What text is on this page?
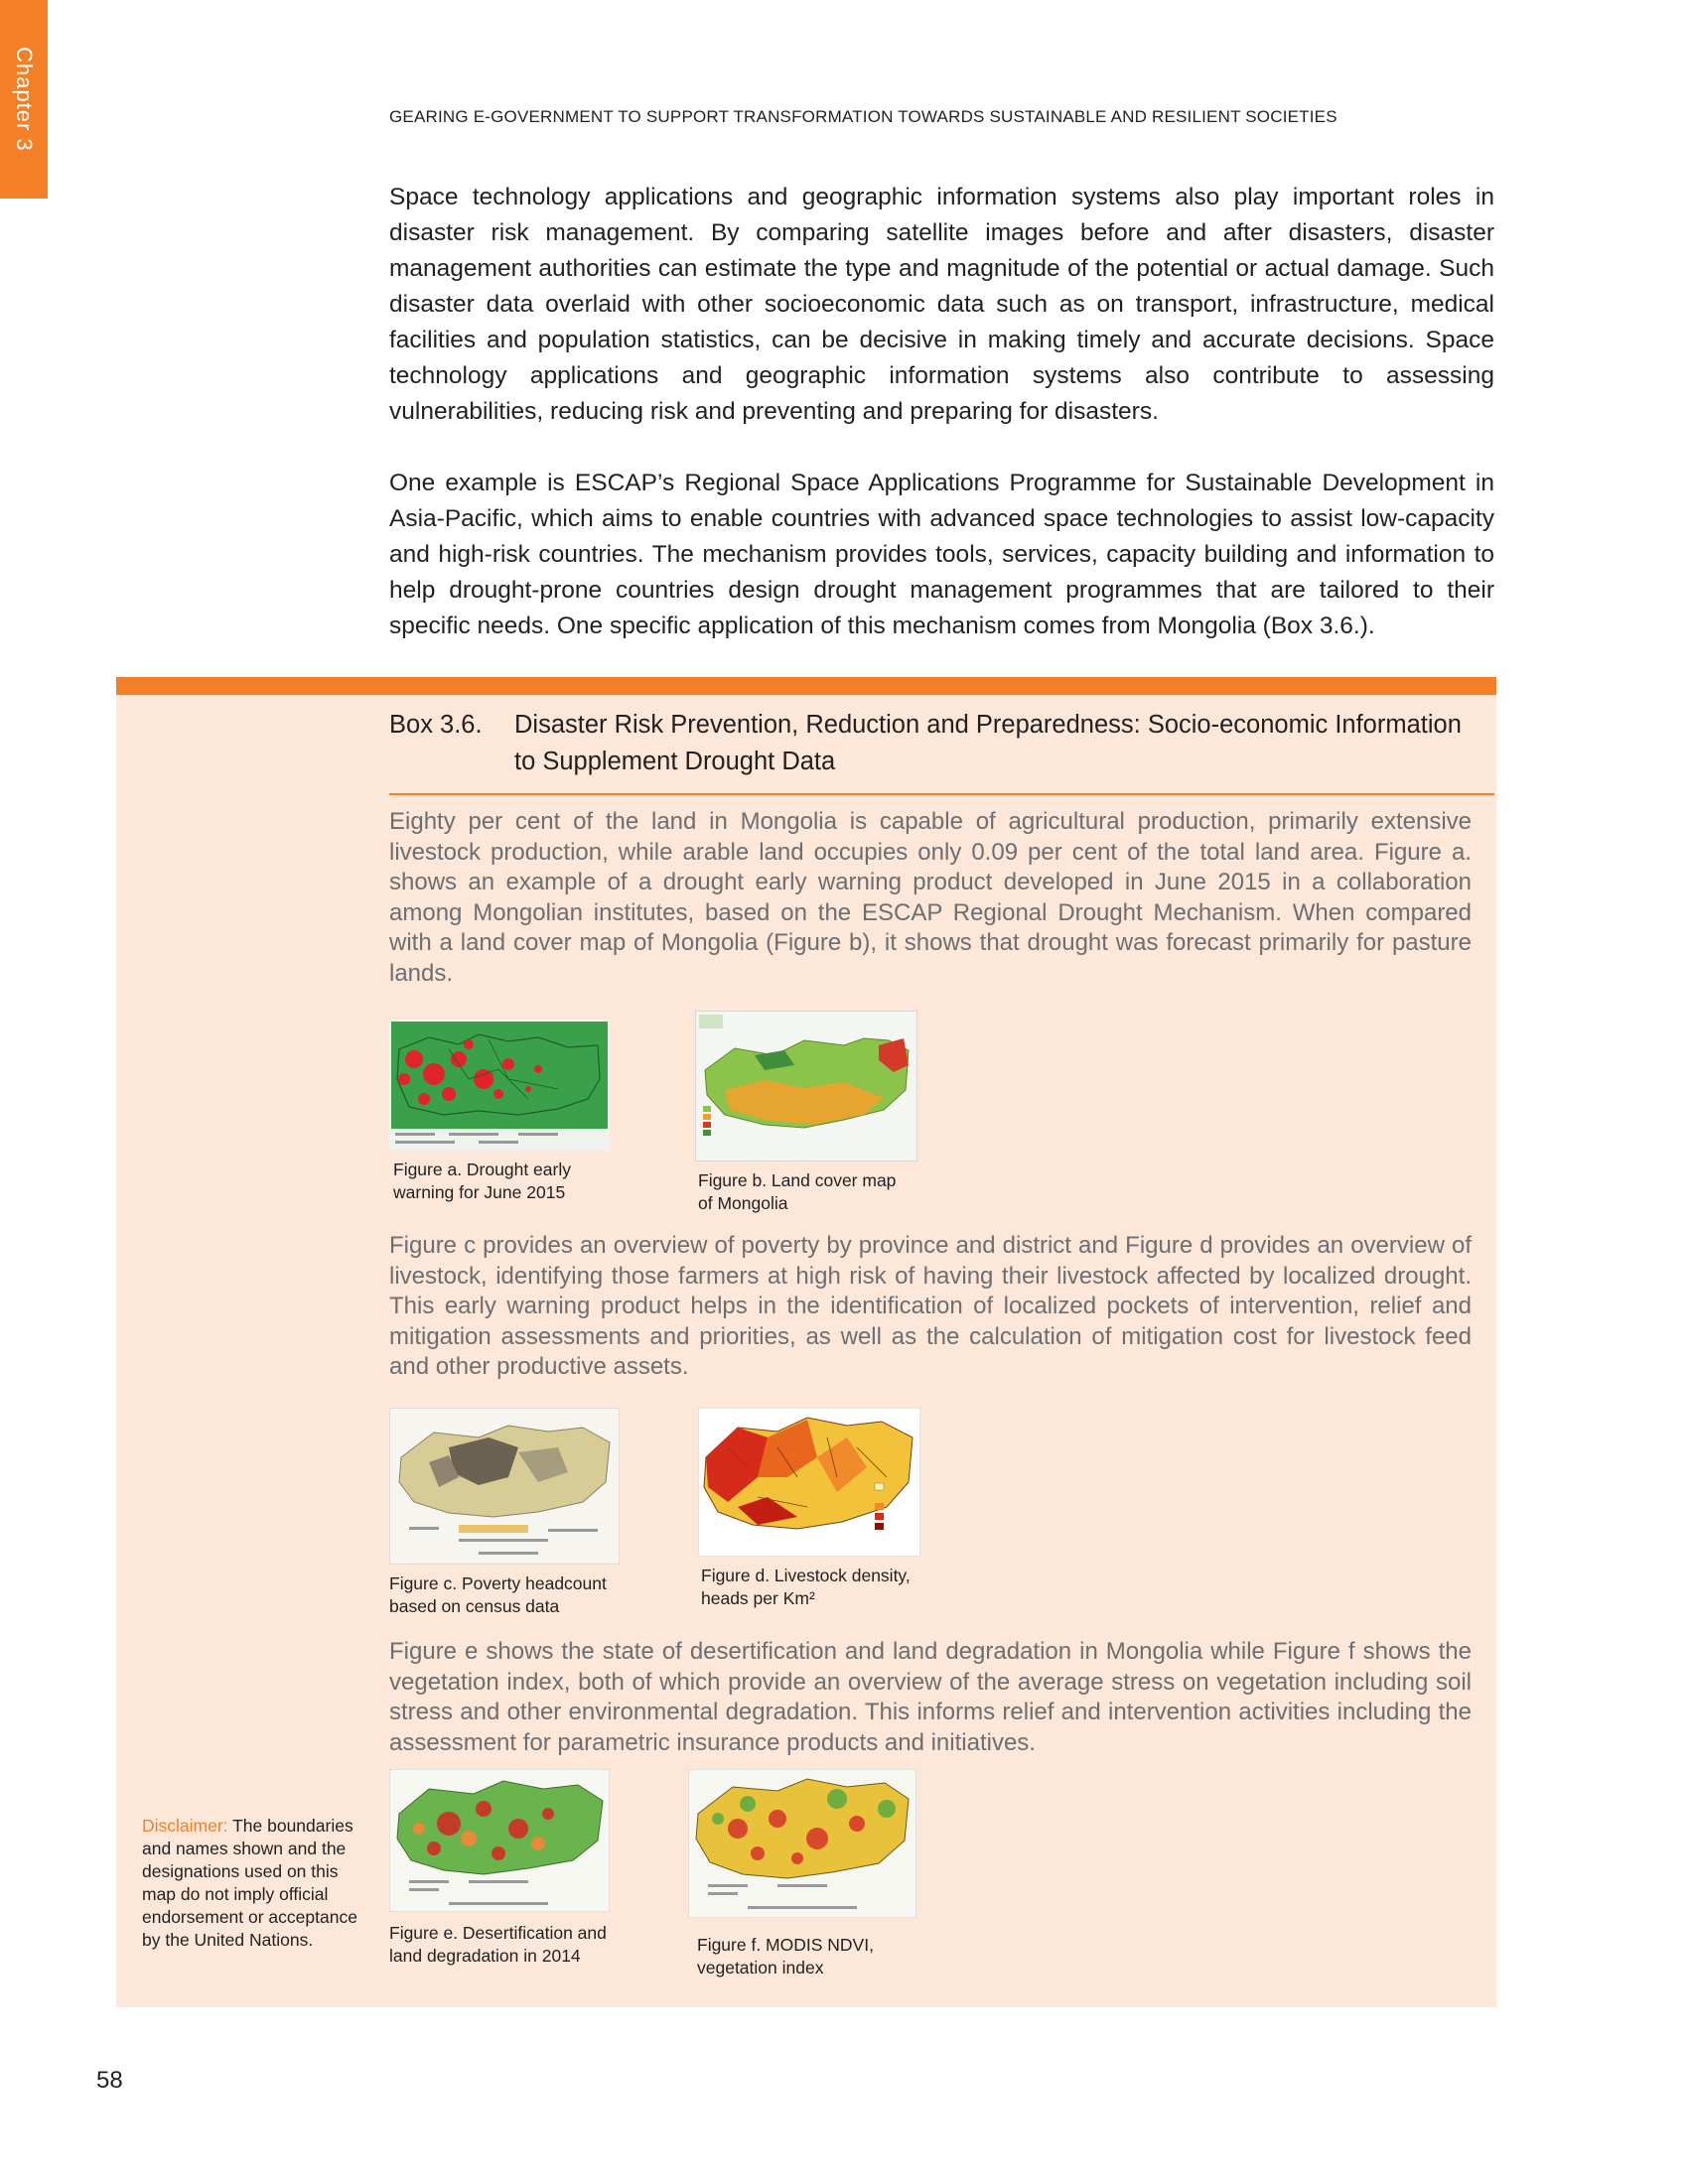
Chapter 3	GEARING E-GOVERNMENT TO SUPPORT TRANSFORMATION TOWARDS SUSTAINABLE AND RESILIENT SOCIETIES

Space technology applications and geographic information systems also play important roles in disaster risk management. By comparing satellite images before and after disasters, disaster management authorities can estimate the type and magnitude of the potential or actual damage. Such disaster data overlaid with other socioeconomic data such as on transport, infrastructure, medical facilities and population statistics, can be decisive in making timely and accurate decisions. Space technology applications and geographic information systems also contribute to assessing vulnerabilities, reducing risk and preventing and preparing for disasters.

One example is ESCAP’s Regional Space Applications Programme for Sustainable Development in Asia-Pacific, which aims to enable countries with advanced space technologies to assist low-capacity and high-risk countries. The mechanism provides tools, services, capacity building and information to help drought-prone countries design drought management programmes that are tailored to their specific needs. One specific application of this mechanism comes from Mongolia (Box 3.6.).

Box 3.6.	Disaster Risk Prevention, Reduction and Preparedness: Socio-economic Information to Supplement Drought Data

Eighty per cent of the land in Mongolia is capable of agricultural production, primarily extensive livestock production, while arable land occupies only 0.09 per cent of the total land area. Figure a. shows an example of a drought early warning product developed in June 2015 in a collaboration among Mongolian institutes, based on the ESCAP Regional Drought Mechanism. When compared with a land cover map of Mongolia (Figure b), it shows that drought was forecast primarily for pasture lands.

Figure c provides an overview of poverty by province and district and Figure d provides an overview of livestock, identifying those farmers at high risk of having their livestock affected by localized drought. This early warning product helps in the identification of localized pockets of intervention, relief and mitigation assessments and priorities, as well as the calculation of mitigation cost for livestock feed and other productive assets.

Figure e shows the state of desertification and land degradation in Mongolia while Figure f shows the vegetation index, both of which provide an overview of the average stress on vegetation including soil stress and other environmental degradation. This informs relief and intervention activities including the assessment for parametric insurance products and initiatives.

Figure a. Drought early
warning for June 2015
Figure b. Land cover map
of Mongolia
Figure c. Poverty headcount
based on census data
Figure d. Livestock density,
heads per Km²
Figure e. Desertification and
land degradation in 2014
Figure f. MODIS NDVI,
vegetation index
Disclaimer: The boundaries and names shown and the designations used on this map do not imply official endorsement or acceptance by the United Nations.
58
